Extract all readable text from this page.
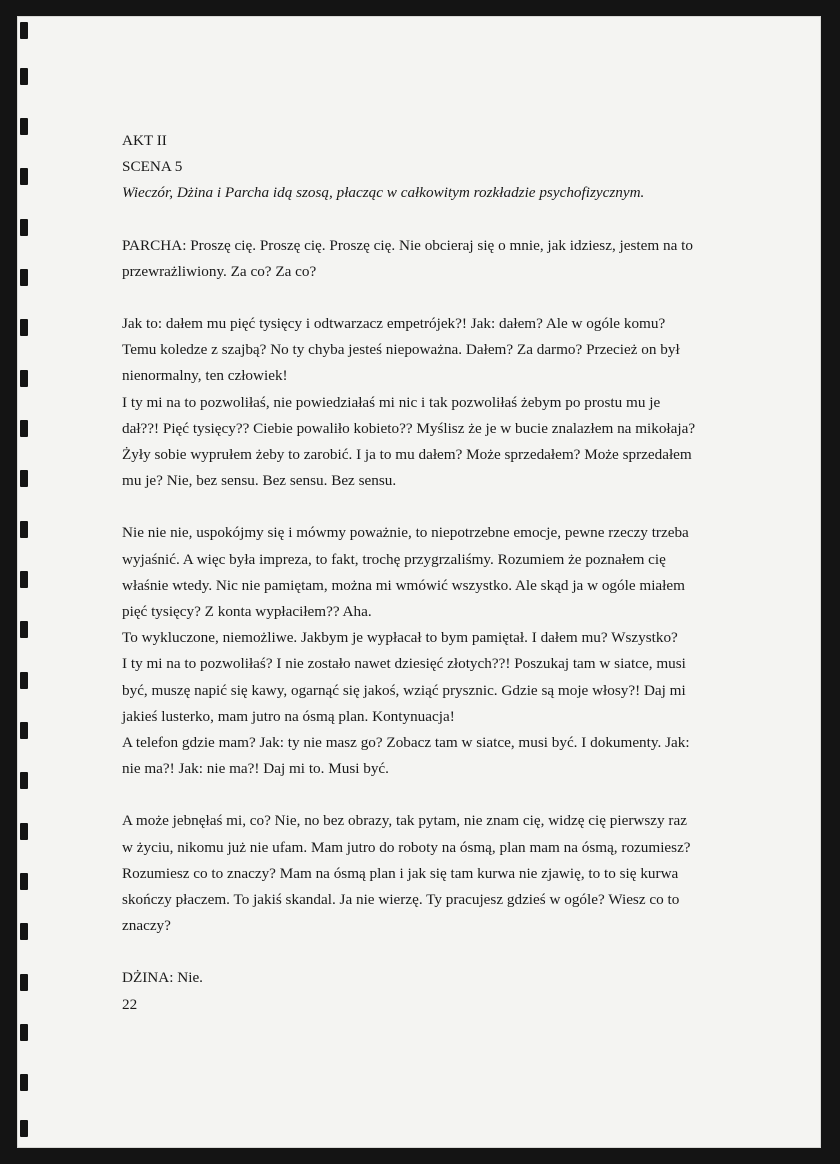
AKT II

SCENA 5

Wieczór, Dżina i Parcha idą szosą, płacząc w całkowitym rozkładzie psychofizycznym.

PARCHA: Proszę cię. Proszę cię. Proszę cię. Nie obcieraj się o mnie, jak idziesz, jestem na to
przewrażliwiony. Za co? Za co?

Jak to: dałem mu pięć tysięcy i odtwarzacz empetrójek?! Jak: dałem? Ale w ogóle komu?
Temu koledze z szajbą? No ty chyba jesteś niepoważna. Dałem? Za darmo? Przecież on był
nienormalny, ten człowiek!
I ty mi na to pozwoliłaś, nie powiedziałaś mi nic i tak pozwoliłaś żebym po prostu mu je
dał??! Pięć tysięcy?? Ciebie powaliło kobieto?? Myślisz że je w bucie znalazłem na mikołaja?
Żyły sobie wyprułem żeby to zarobić. I ja to mu dałem? Może sprzedałem? Może sprzedałem
mu je? Nie, bez sensu. Bez sensu. Bez sensu.

Nie nie nie, uspokójmy się i mówmy poważnie, to niepotrzebne emocje, pewne rzeczy trzeba
wyjaśnić. A więc była impreza, to fakt, trochę przygrzaliśmy. Rozumiem że poznałem cię
właśnie wtedy. Nic nie pamiętam, można mi wmówić wszystko. Ale skąd ja w ogóle miałem
pięć tysięcy? Z konta wypłaciłem?? Aha.
To wykluczone, niemożliwe. Jakbym je wypłacał to bym pamiętał. I dałem mu? Wszystko?
I ty mi na to pozwoliłaś? I nie zostało nawet dziesięć złotych??! Poszukaj tam w siatce, musi
być, muszę napić się kawy, ogarnąć się jakoś, wziąć prysznic. Gdzie są moje włosy?! Daj mi
jakieś lusterko, mam jutro na ósmą plan. Kontynuacja!
A telefon gdzie mam? Jak: ty nie masz go? Zobacz tam w siatce, musi być. I dokumenty. Jak:
nie ma?! Jak: nie ma?! Daj mi to. Musi być.

A może jebnęłaś mi, co? Nie, no bez obrazy, tak pytam, nie znam cię, widzę cię pierwszy raz
w życiu, nikomu już nie ufam. Mam jutro do roboty na ósmą, plan mam na ósmą, rozumiesz?
Rozumiesz co to znaczy? Mam na ósmą plan i jak się tam kurwa nie zjawię, to to się kurwa
skończy płaczem. To jakiś skandal. Ja nie wierzę. Ty pracujesz gdzieś w ogóle? Wiesz co to
znaczy?

DŻINA: Nie.

22
